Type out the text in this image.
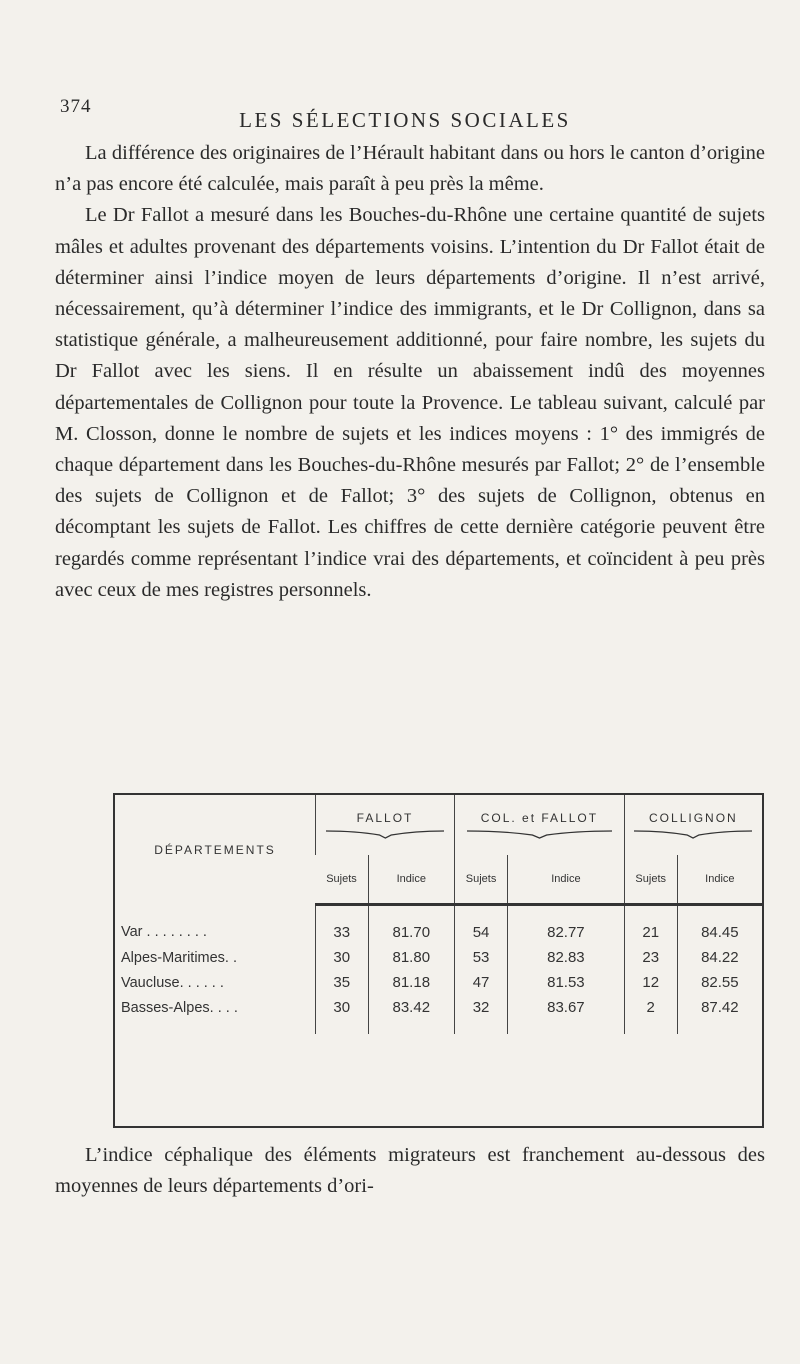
374
LES SÉLECTIONS SOCIALES

La différence des originaires de l’Hérault habitant dans ou hors le canton d’origine n’a pas encore été calculée, mais paraît à peu près la même.

Le Dr Fallot a mesuré dans les Bouches-du-Rhône une certaine quantité de sujets mâles et adultes provenant des départements voisins. L’intention du Dr Fallot était de déterminer ainsi l’indice moyen de leurs départements d’origine. Il n’est arrivé, nécessairement, qu’à déterminer l’indice des immigrants, et le Dr Collignon, dans sa statistique générale, a malheureusement additionné, pour faire nombre, les sujets du Dr Fallot avec les siens. Il en résulte un abaissement indû des moyennes départementales de Collignon pour toute la Provence. Le tableau suivant, calculé par M. Closson, donne le nombre de sujets et les indices moyens : 1° des immigrés de chaque département dans les Bouches-du-Rhône mesurés par Fallot; 2° de l’ensemble des sujets de Collignon et de Fallot; 3° des sujets de Collignon, obtenus en décomptant les sujets de Fallot. Les chiffres de cette dernière catégorie peuvent être regardés comme représentant l’indice vrai des départements, et coïncident à peu près avec ceux de mes registres personnels.

DÉPARTEMENTS	FALLOT		COL. et FALLOT		COLLIGNON	

	Sujets	Indice	Sujets	Indice	Sujets	Indice
Var . . . . . . . .	33	81.70	54	82.77	21	84.45
Alpes-Maritimes. .	30	81.80	53	82.83	23	84.22
Vaucluse. . . . . .	35	81.18	47	81.53	12	82.55
Basses-Alpes. . . .	30	83.42	32	83.67	2	87.42

L’indice céphalique des éléments migrateurs est franchement au-dessous des moyennes de leurs départements d’ori-
